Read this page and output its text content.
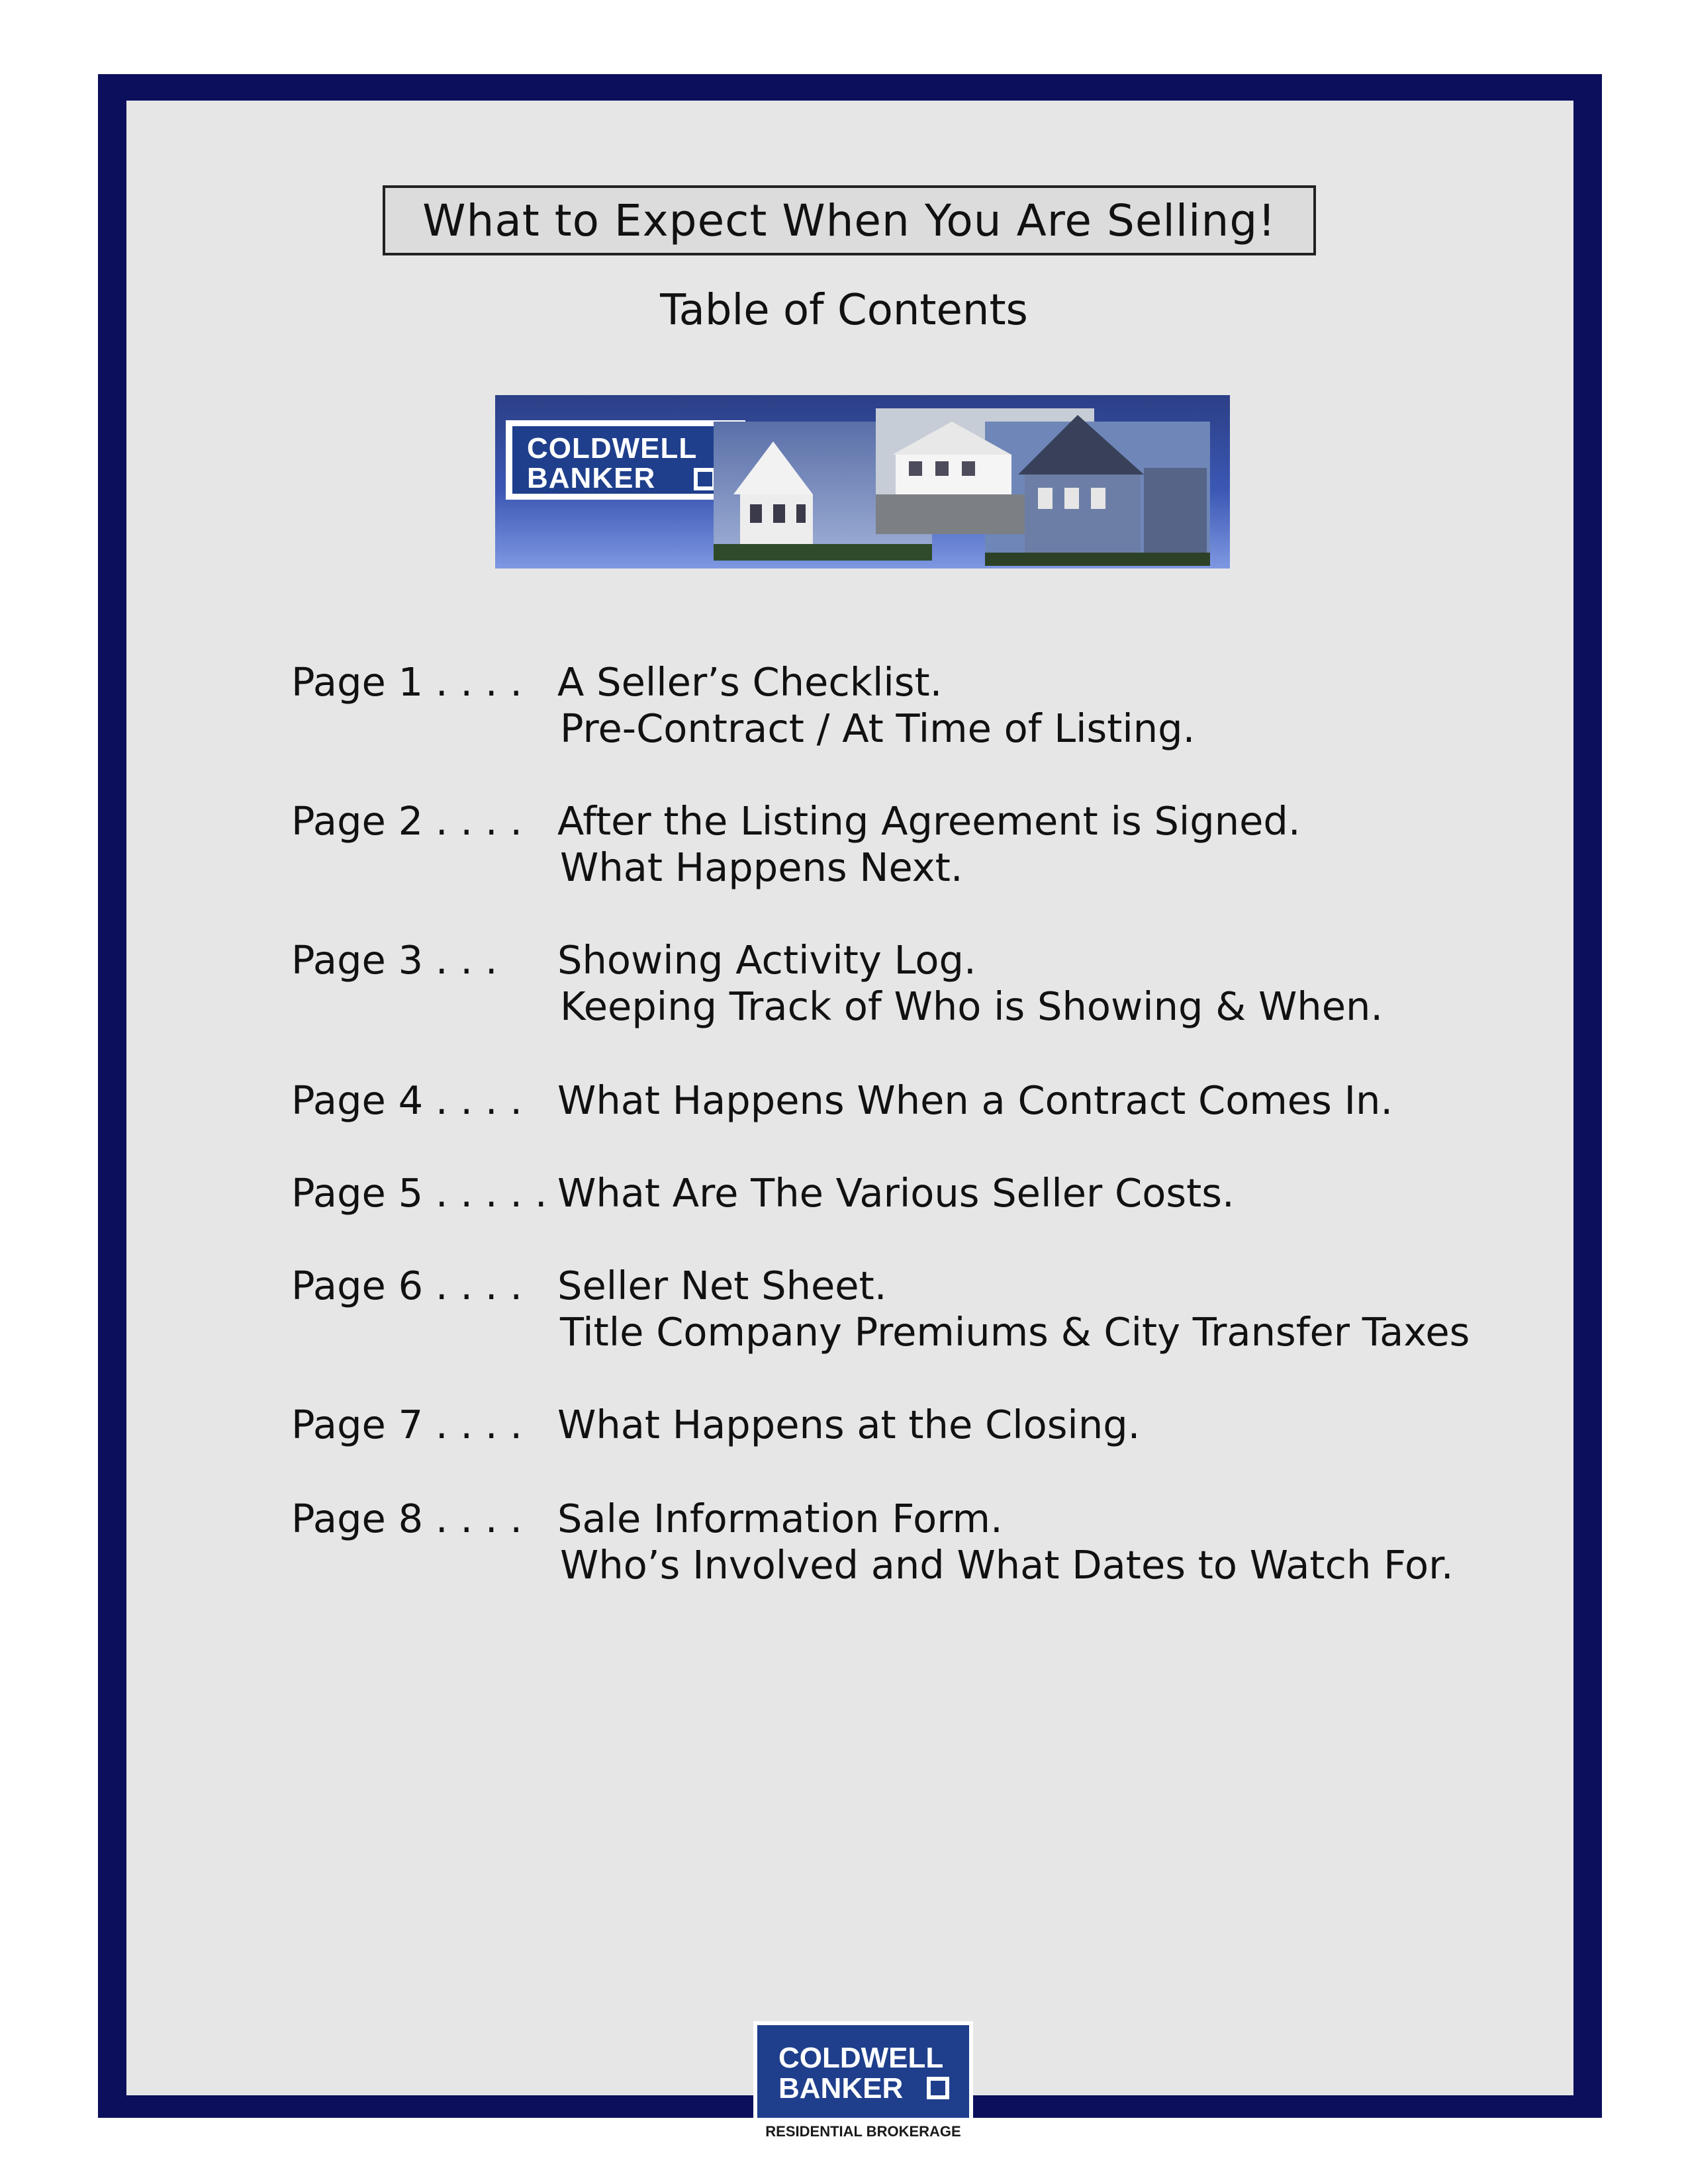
What to Expect When You Are Selling!
Table of Contents
COLDWELL
BANKER
Page 1 . . . . A Seller’s Checklist.
Pre-Contract / At Time of Listing.
Page 2 . . . . After the Listing Agreement is Signed.
What Happens Next.
Page 3 . . . Showing Activity Log.
Keeping Track of Who is Showing & When.
Page 4 . . . . What Happens When a Contract Comes In.
Page 5 . . . . . What Are The Various Seller Costs.
Page 6 . . . . Seller Net Sheet.
Title Company Premiums & City Transfer Taxes
Page 7 . . . . What Happens at the Closing.
Page 8 . . . . Sale Information Form.
Who’s Involved and What Dates to Watch For.
COLDWELL
BANKER
RESIDENTIAL BROKERAGE
